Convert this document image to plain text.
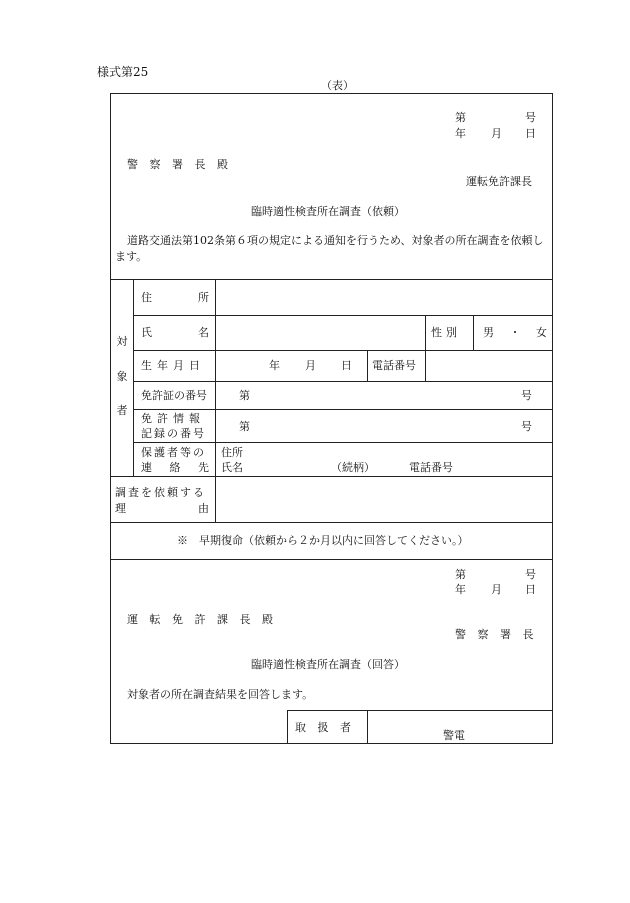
様式第25
（表）
第	号
年 月 日
警 察 署 長 殿
運転免許課長
臨時適性検査所在調査（依頼）
道路交通法第102条第６項の規定による通知を行うため、対象者の所在調査を依頼します。
対
象
者
住	所
氏	名	性別 男 ・ 女
生年月日	年 月 日 電話番号
免許証の番号	第	号
免許情報
記録の番号
第	号
保護者等の
連 絡 先
住所
氏名	（続柄）	電話番号
調査を依頼する
理	由
※　早期復命（依頼から２か月以内に回答してください。）
第	号
年 月 日
運 転 免 許 課 長 殿
警 察 署 長
臨時適性検査所在調査（回答）
対象者の所在調査結果を回答します。
取 扱 者
警電
